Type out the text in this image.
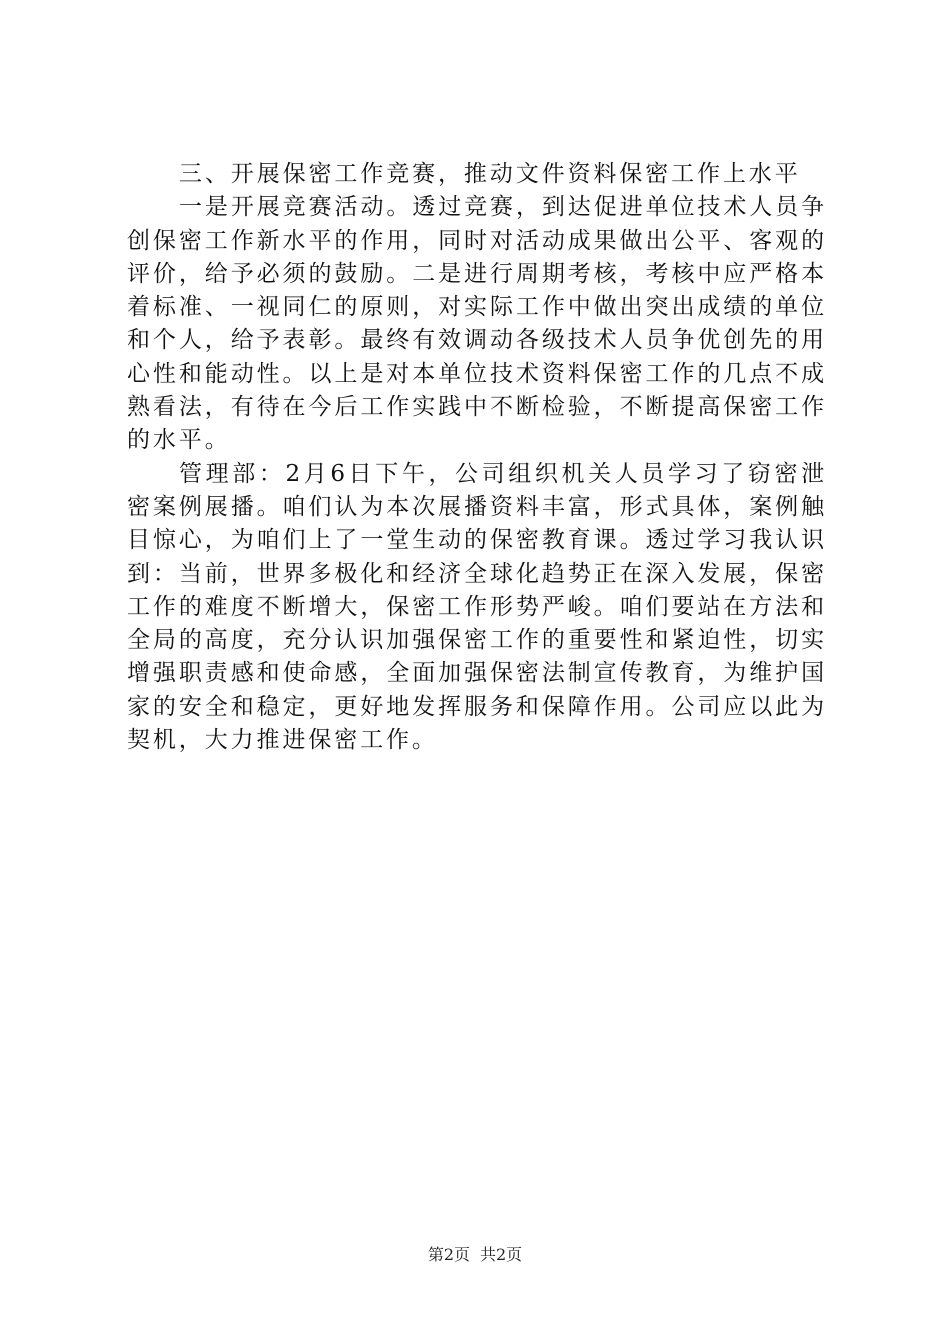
三、开展保密工作竞赛，推动文件资料保密工作上水平

一是开展竞赛活动。透过竞赛，到达促进单位技术人员争创保密工作新水平的作用，同时对活动成果做出公平、客观的评价，给予必须的鼓励。二是进行周期考核，考核中应严格本着标准、一视同仁的原则，对实际工作中做出突出成绩的单位和个人，给予表彰。最终有效调动各级技术人员争优创先的用心性和能动性。以上是对本单位技术资料保密工作的几点不成熟看法，有待在今后工作实践中不断检验，不断提高保密工作的水平。

管理部：2月6日下午，公司组织机关人员学习了窃密泄密案例展播。咱们认为本次展播资料丰富，形式具体，案例触目惊心，为咱们上了一堂生动的保密教育课。透过学习我认识到：当前，世界多极化和经济全球化趋势正在深入发展，保密工作的难度不断增大，保密工作形势严峻。咱们要站在方法和全局的高度，充分认识加强保密工作的重要性和紧迫性，切实增强职责感和使命感，全面加强保密法制宣传教育，为维护国家的安全和稳定，更好地发挥服务和保障作用。公司应以此为契机，大力推进保密工作。

第2页 共2页
